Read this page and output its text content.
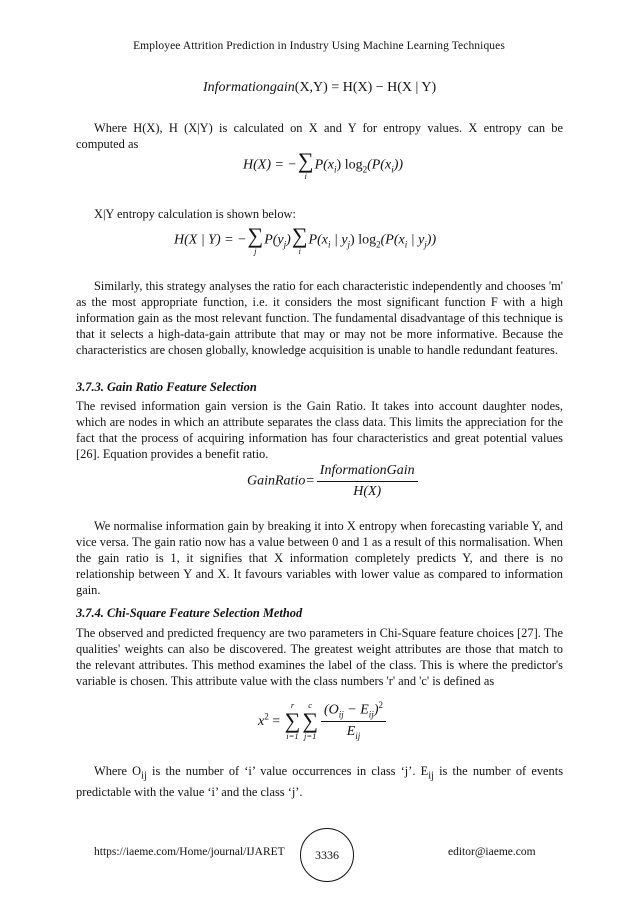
Employee Attrition Prediction in Industry Using Machine Learning Techniques
Informationgain(X,Y) = H(X) − H(X | Y)

Where H(X), H (X|Y) is calculated on X and Y for entropy values. X entropy can be computed as

H(X) = − ∑
i
$P(x_i)$ $\log_2(P(x_i))$

X|Y entropy calculation is shown below:

H(X | Y) = − ∑
j
$P(y_j)$ ∑
i
$P(x_i$ | $y_j$) $\log_2(P(x_i$ | $y_j$))

Similarly, this strategy analyses the ratio for each characteristic independently and chooses 'm' as the most appropriate function, i.e. it considers the most significant function F with a high information gain as the most relevant function. The fundamental disadvantage of this technique is that it selects a high-data-gain attribute that may or may not be more informative. Because the characteristics are chosen globally, knowledge acquisition is unable to handle redundant features.

3.7.3. Gain Ratio Feature Selection

The revised information gain version is the Gain Ratio. It takes into account daughter nodes, which are nodes in which an attribute separates the class data. This limits the appreciation for the fact that the process of acquiring information has four characteristics and great potential values [26]. Equation provides a benefit ratio.

GainRatio= $\frac{\text{InformationGain}}{H(X)}$

We normalise information gain by breaking it into X entropy when forecasting variable Y, and vice versa. The gain ratio now has a value between 0 and 1 as a result of this normalisation. When the gain ratio is 1, it signifies that X information completely predicts Y, and there is no relationship between Y and X. It favours variables with lower value as compared to information gain.

3.7.4. Chi-Square Feature Selection Method

The observed and predicted frequency are two parameters in Chi-Square feature choices [27]. The qualities' weights can also be discovered. The greatest weight attributes are those that match to the relevant attributes. This method examines the label of the class. This is where the predictor's variable is chosen. This attribute value with the class numbers 'r' and 'c' is defined as

$x^2$ =
r
∑
i=1
c
∑
$j=1 \frac{(O_{ij} - E_{ij})^2}{E_{ij}}$

Where $O_{ij}$ is the number of ‘i’ value occurrences in class ‘j’. $E_{ij}$ is the number of events predictable with the value ‘i’ and the class ‘j’.

https://iaeme.com/Home/journal/IJARET	3336	editor@iaeme.com
